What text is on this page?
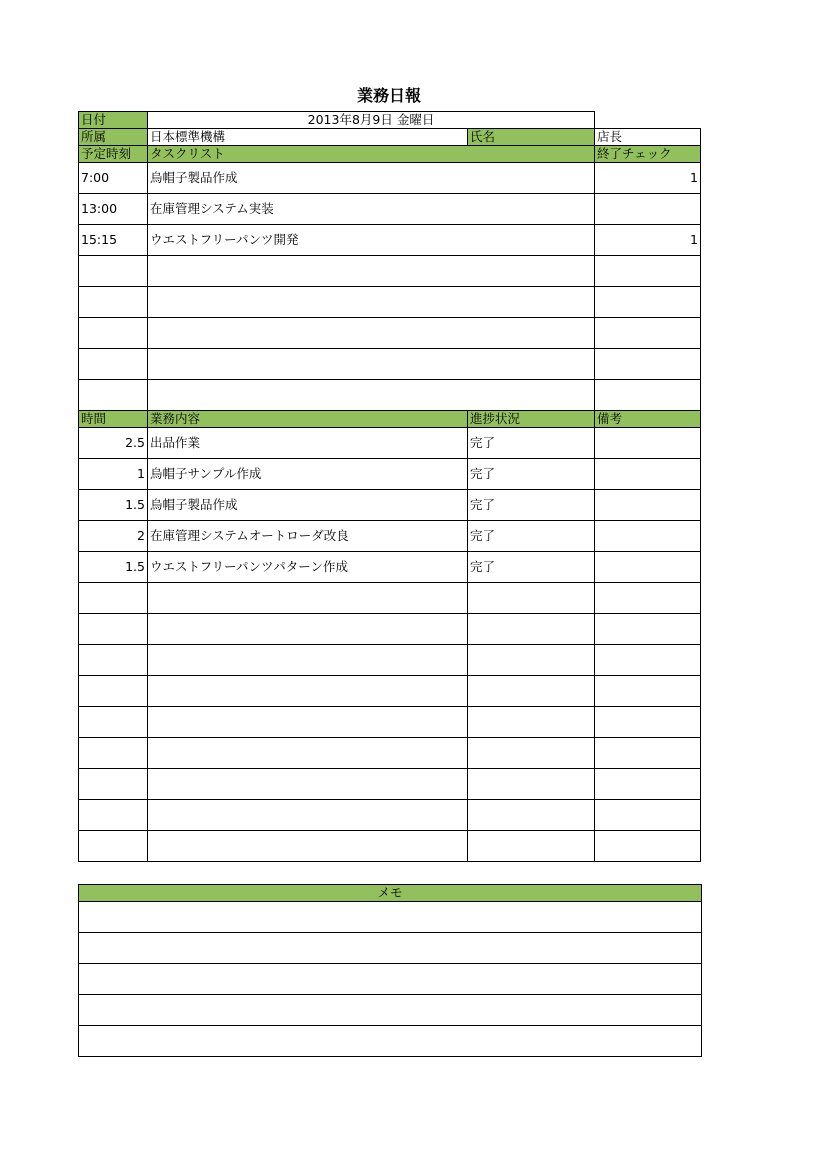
業務日報
日付	2013年8月9日 金曜日		
所属	日本標準機構	氏名	店長
予定時刻	タスクリスト		終了チェック
7:00	烏帽子製品作成		1
13:00	在庫管理システム実装		
15:15	ウエストフリーパンツ開発		1

時間	業務内容	進捗状況	備考
2.5	出品作業	完了	
1	烏帽子サンプル作成	完了	
1.5	烏帽子製品作成	完了	
2	在庫管理システムオートローダ改良	完了	
1.5	ウエストフリーパンツパターン作成	完了	

メモ
